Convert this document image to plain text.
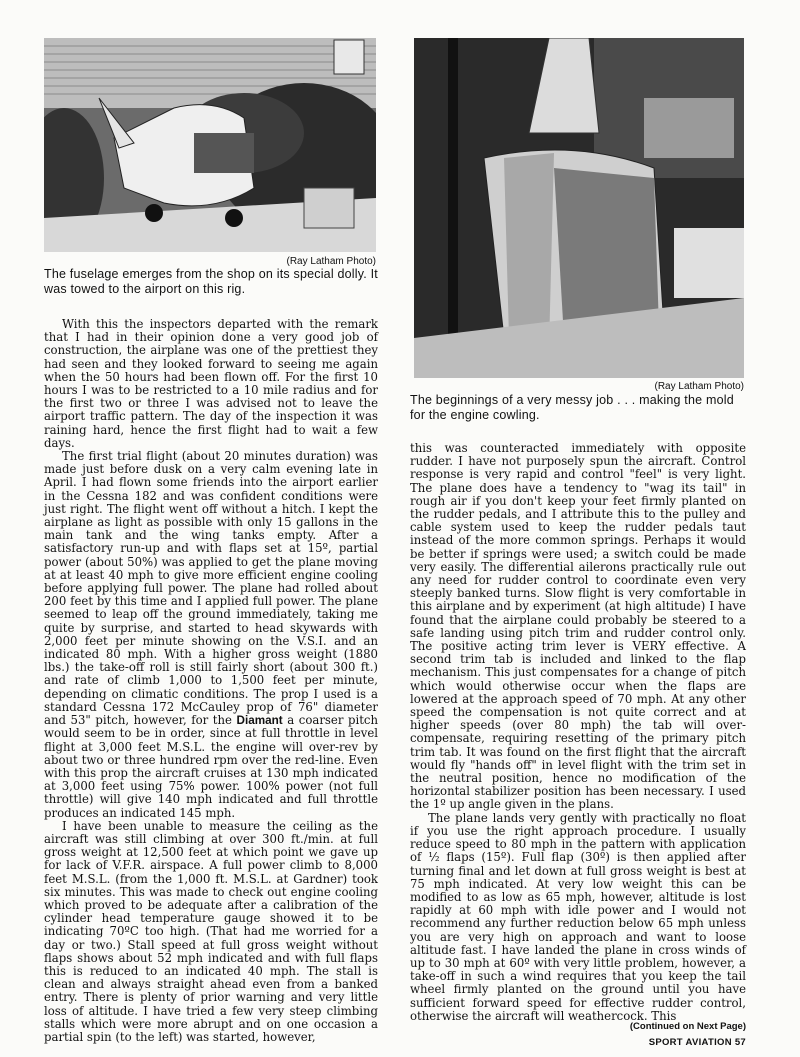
(Ray Latham Photo)
The fuselage emerges from the shop on its special dolly. It was towed to the airport on this rig.
(Ray Latham Photo)
The beginnings of a very messy job . . . making the mold for the engine cowling.

With this the inspectors departed with the remark that I had in their opinion done a very good job of construction, the airplane was one of the prettiest they had seen and they looked forward to seeing me again when the 50 hours had been flown off. For the first 10 hours I was to be restricted to a 10 mile radius and for the first two or three I was advised not to leave the airport traffic pattern. The day of the inspection it was raining hard, hence the first flight had to wait a few days.

The first trial flight (about 20 minutes duration) was made just before dusk on a very calm evening late in April. I had flown some friends into the airport earlier in the Cessna 182 and was confident conditions were just right. The flight went off without a hitch. I kept the airplane as light as possible with only 15 gallons in the main tank and the wing tanks empty. After a satisfactory run-up and with flaps set at 15º, partial power (about 50%) was applied to get the plane moving at at least 40 mph to give more efficient engine cooling before applying full power. The plane had rolled about 200 feet by this time and I applied full power. The plane seemed to leap off the ground immediately, taking me quite by surprise, and started to head skywards with 2,000 feet per minute showing on the V.S.I. and an indicated 80 mph. With a higher gross weight (1880 lbs.) the take-off roll is still fairly short (about 300 ft.) and rate of climb 1,000 to 1,500 feet per minute, depending on climatic conditions. The prop I used is a standard Cessna 172 McCauley prop of 76" diameter and 53" pitch, however, for the Diamant a coarser pitch would seem to be in order, since at full throttle in level flight at 3,000 feet M.S.L. the engine will over-rev by about two or three hundred rpm over the red-line. Even with this prop the aircraft cruises at 130 mph indicated at 3,000 feet using 75% power. 100% power (not full throttle) will give 140 mph indicated and full throttle produces an indicated 145 mph.

I have been unable to measure the ceiling as the aircraft was still climbing at over 300 ft./min. at full gross weight at 12,500 feet at which point we gave up for lack of V.F.R. airspace. A full power climb to 8,000 feet M.S.L. (from the 1,000 ft. M.S.L. at Gardner) took six minutes. This was made to check out engine cooling which proved to be adequate after a calibration of the cylinder head temperature gauge showed it to be indicating 70ºC too high. (That had me worried for a day or two.) Stall speed at full gross weight without flaps shows about 52 mph indicated and with full flaps this is reduced to an indicated 40 mph. The stall is clean and always straight ahead even from a banked entry. There is plenty of prior warning and very little loss of altitude. I have tried a few very steep climbing stalls which were more abrupt and on one occasion a partial spin (to the left) was started, however,

this was counteracted immediately with opposite rudder. I have not purposely spun the aircraft. Control response is very rapid and control "feel" is very light. The plane does have a tendency to "wag its tail" in rough air if you don't keep your feet firmly planted on the rudder pedals, and I attribute this to the pulley and cable system used to keep the rudder pedals taut instead of the more common springs. Perhaps it would be better if springs were used; a switch could be made very easily. The differential ailerons practically rule out any need for rudder control to coordinate even very steeply banked turns. Slow flight is very comfortable in this airplane and by experiment (at high altitude) I have found that the airplane could probably be steered to a safe landing using pitch trim and rudder control only. The positive acting trim lever is VERY effective. A second trim tab is included and linked to the flap mechanism. This just compensates for a change of pitch which would otherwise occur when the flaps are lowered at the approach speed of 70 mph. At any other speed the compensation is not quite correct and at higher speeds (over 80 mph) the tab will over-compensate, requiring resetting of the primary pitch trim tab. It was found on the first flight that the aircraft would fly "hands off" in level flight with the trim set in the neutral position, hence no modification of the horizontal stabilizer position has been necessary. I used the 1º up angle given in the plans.

The plane lands very gently with practically no float if you use the right approach procedure. I usually reduce speed to 80 mph in the pattern with application of ½ flaps (15º). Full flap (30º) is then applied after turning final and let down at full gross weight is best at 75 mph indicated. At very low weight this can be modified to as low as 65 mph, however, altitude is lost rapidly at 60 mph with idle power and I would not recommend any further reduction below 65 mph unless you are very high on approach and want to loose altitude fast. I have landed the plane in cross winds of up to 30 mph at 60º with very little problem, however, a take-off in such a wind requires that you keep the tail wheel firmly planted on the ground until you have sufficient forward speed for effective rudder control, otherwise the aircraft will weathercock. This

(Continued on Next Page)
SPORT AVIATION 57
